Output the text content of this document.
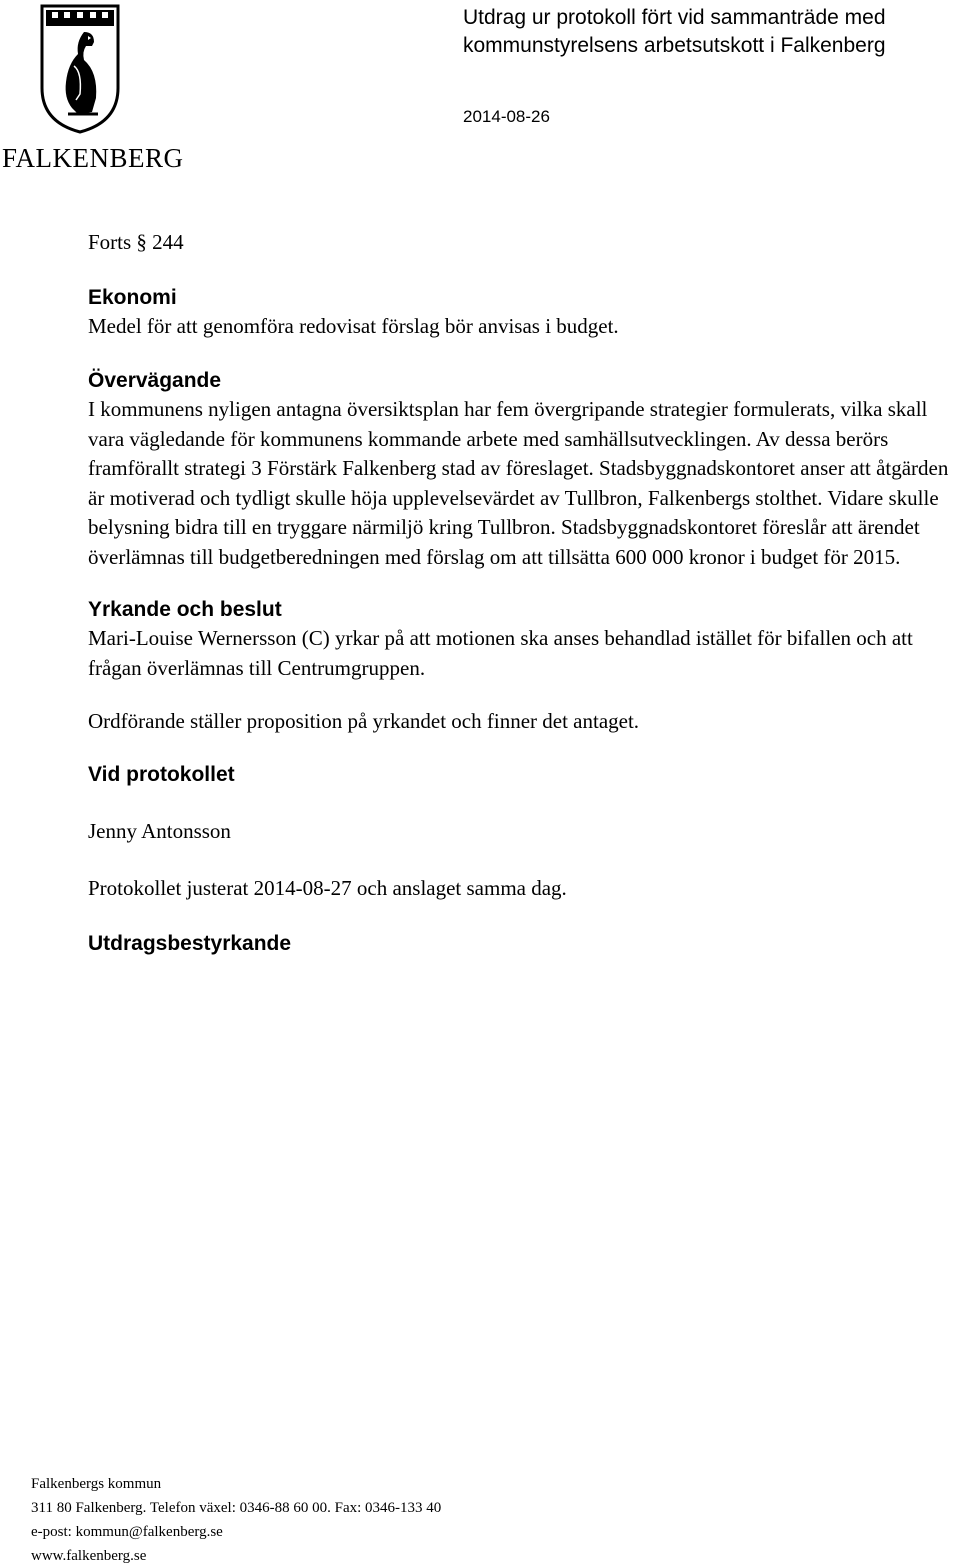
FALKENBERG
Utdrag ur protokoll fört vid sammanträde med
kommunstyrelsens arbetsutskott i Falkenberg
2014-08-26

Forts § 244

Ekonomi

Medel för att genomföra redovisat förslag bör anvisas i budget.

Övervägande

I kommunens nyligen antagna översiktsplan har fem övergripande strategier formulerats, vilka skall vara vägledande för kommunens kommande arbete med samhällsutvecklingen. Av dessa berörs framförallt strategi 3 Förstärk Falkenberg stad av föreslaget. Stadsbyggnadskontoret anser att åtgärden är motiverad och tydligt skulle höja upplevelsevärdet av Tullbron, Falkenbergs stolthet. Vidare skulle belysning bidra till en tryggare närmiljö kring Tullbron. Stadsbyggnadskontoret föreslår att ärendet överlämnas till budgetberedningen med förslag om att tillsätta 600 000 kronor i budget för 2015.

Yrkande och beslut

Mari-Louise Wernersson (C) yrkar på att motionen ska anses behandlad istället för bifallen och att frågan överlämnas till Centrumgruppen.

Ordförande ställer proposition på yrkandet och finner det antaget.

Vid protokollet

Jenny Antonsson

Protokollet justerat 2014-08-27 och anslaget samma dag.

Utdragsbestyrkande
Falkenbergs kommun
311 80 Falkenberg. Telefon växel: 0346-88 60 00. Fax: 0346-133 40
e-post: kommun@falkenberg.se
www.falkenberg.se
